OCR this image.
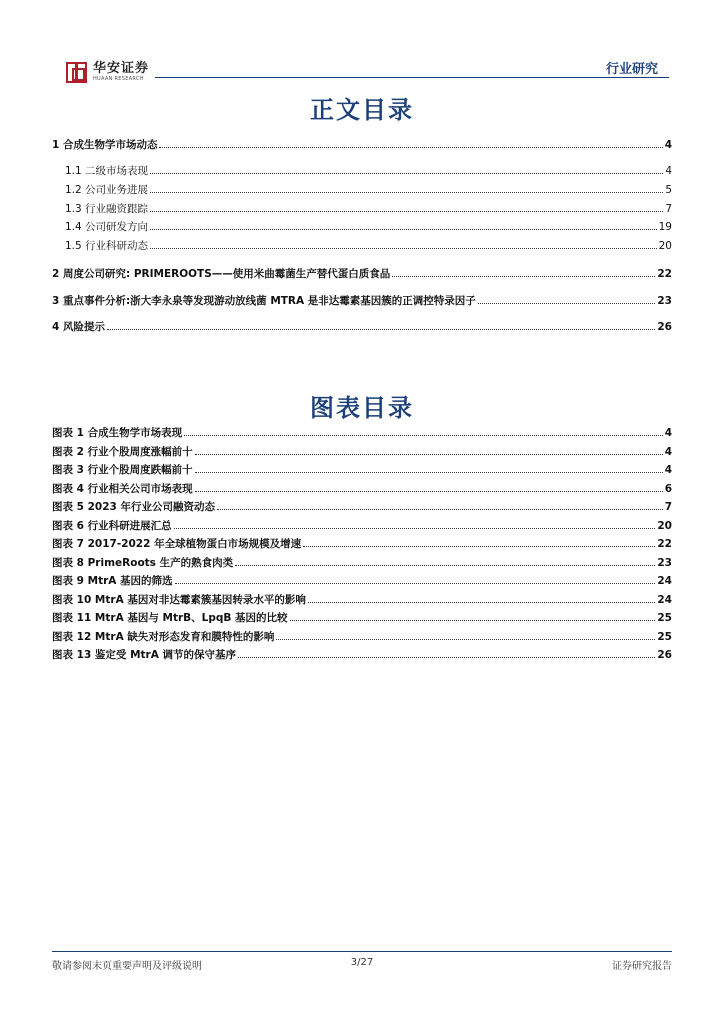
华安证券
HUAAN RESEARCH
行业研究
正文目录
1 合成生物学市场动态	4
1.1 二级市场表现	4
1.2 公司业务进展	5
1.3 行业融资跟踪	7
1.4 公司研发方向	19
1.5 行业科研动态	20
2 周度公司研究: PRIMEROOTS——使用米曲霉菌生产替代蛋白质食品	22
3 重点事件分析:浙大李永泉等发现游动放线菌 MTRA 是非达霉素基因簇的正调控特录因子	23
4 风险提示	26
图表目录
图表 1 合成生物学市场表现	4
图表 2 行业个股周度涨幅前十	4
图表 3 行业个股周度跌幅前十	4
图表 4 行业相关公司市场表现	6
图表 5 2023 年行业公司融资动态	7
图表 6 行业科研进展汇总	20
图表 7 2017-2022 年全球植物蛋白市场规模及增速	22
图表 8 PrimeRoots 生产的熟食肉类	23
图表 9 MtrA 基因的筛选	24
图表 10 MtrA 基因对非达霉素簇基因转录水平的影响	24
图表 11 MtrA 基因与 MtrB、LpqB 基因的比较	25
图表 12 MtrA 缺失对形态发育和膜特性的影响	25
图表 13 鉴定受 MtrA 调节的保守基序	26
敬请参阅末页重要声明及评级说明	3/27	证券研究报告
